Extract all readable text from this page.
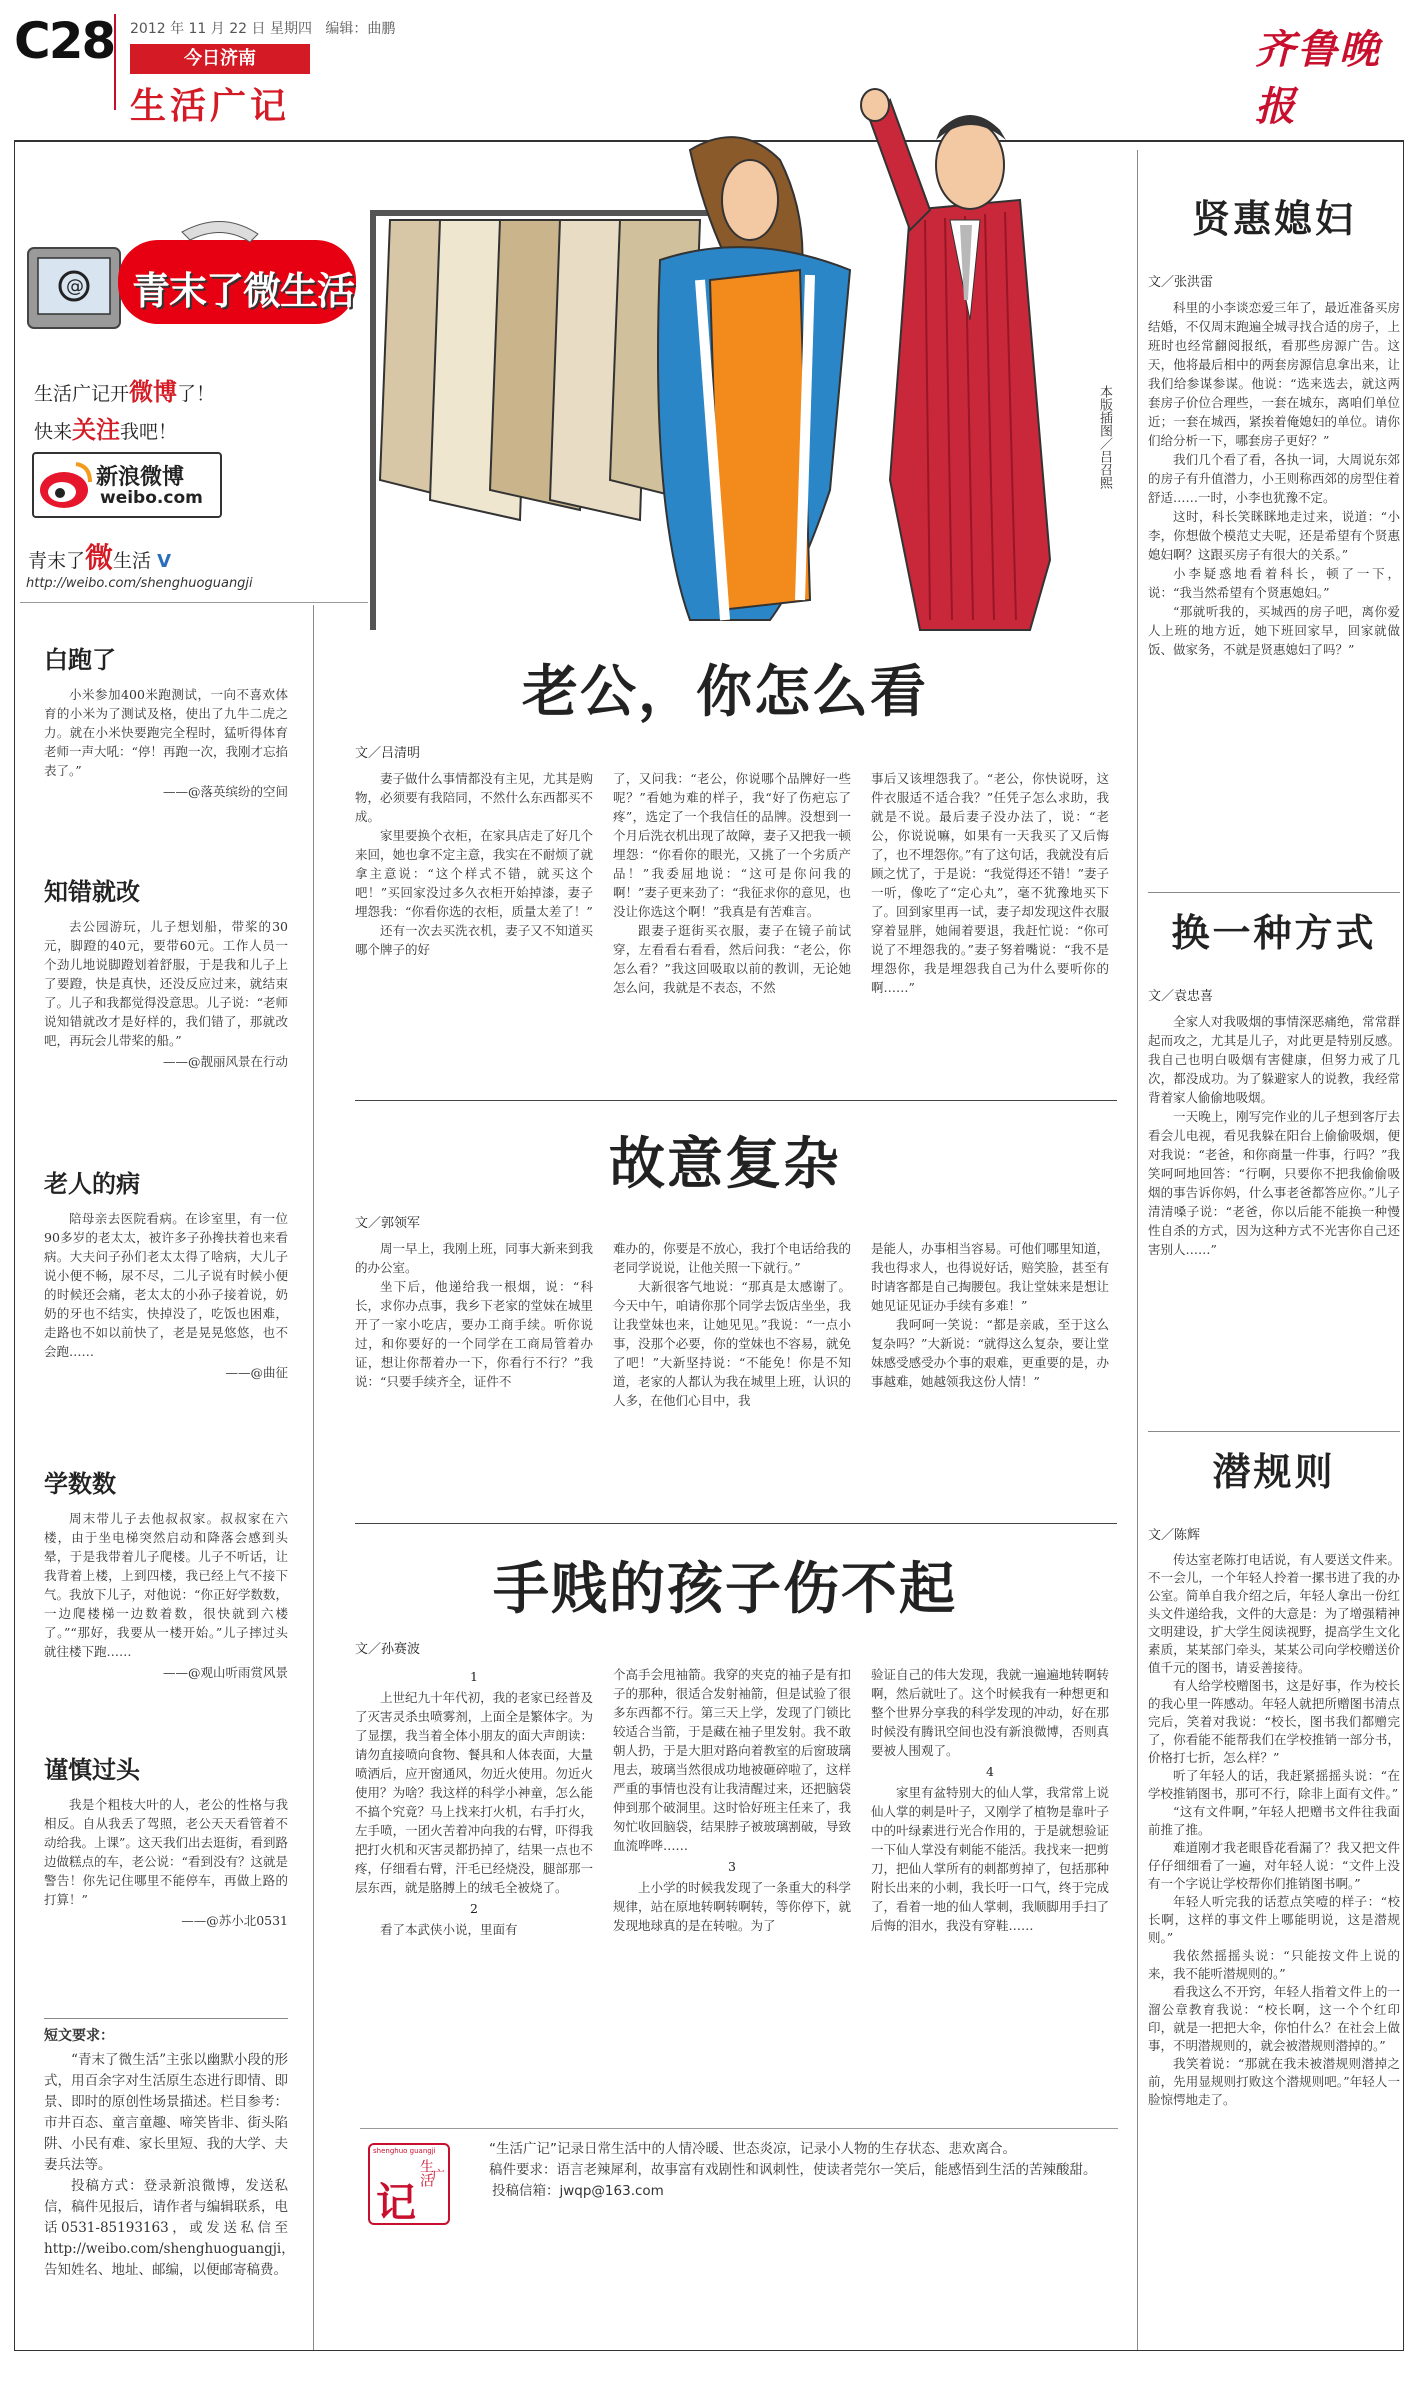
C28 2012 年 11 月 22 日 星期四 编辑：曲鹏
今日济南
生活广记
齐鲁晚报
@ 青末了微生活
生活广记开微博了！
快来关注我吧！
新浪微博
weibo.com
青末了微生活 V
http://weibo.com/shenghuoguangji
白跑了

小米参加400米跑测试，一向不喜欢体育的小米为了测试及格，使出了九牛二虎之力。就在小米快要跑完全程时，猛听得体育老师一声大吼：“停！再跑一次，我刚才忘掐表了。”

——@落英缤纷的空间

知错就改

去公园游玩，儿子想划船，带桨的30元，脚蹬的40元，要带60元。工作人员一个劲儿地说脚蹬划着舒服，于是我和儿子上了要蹬，快是真快，还没反应过来，就结束了。儿子和我都觉得没意思。儿子说：“老师说知错就改才是好样的，我们错了，那就改吧，再玩会儿带桨的船。”

——@靓丽风景在行动

老人的病

陪母亲去医院看病。在诊室里，有一位90多岁的老太太，被许多子孙搀扶着也来看病。大夫问子孙们老太太得了啥病，大儿子说小便不畅，尿不尽，二儿子说有时候小便的时候还会痛，老太太的小孙子接着说，奶奶的牙也不结实，快掉没了，吃饭也困难，走路也不如以前快了，老是晃晃悠悠，也不会跑……

——@曲征

学数数

周末带儿子去他叔叔家。叔叔家在六楼，由于坐电梯突然启动和降落会感到头晕，于是我带着儿子爬楼。儿子不听话，让我背着上楼，上到四楼，我已经上气不接下气。我放下儿子，对他说：“你正好学数数，一边爬楼梯一边数着数，很快就到六楼了。”“那好，我要从一楼开始。”儿子摔过头就往楼下跑……

——@观山听雨赏风景

谨慎过头

我是个粗枝大叶的人，老公的性格与我相反。自从我丢了驾照，老公天天看管着不动给我。上课”。这天我们出去逛街，看到路边做糕点的车，老公说：“看到没有？这就是警告！你先记住哪里不能停车，再做上路的打算！”

——@苏小北0531

短文要求：

“青末了微生活”主张以幽默小段的形式，用百余字对生活原生态进行即情、即景、即时的原创性场景描述。栏目参考：市井百态、童言童趣、啼笑皆非、街头陷阱、小民有难、家长里短、我的大学、夫妻兵法等。

投稿方式：登录新浪微博，发送私信，稿件见报后，请作者与编辑联系，电话0531-85193163，或发送私信至http://weibo.com/shenghuoguangji，告知姓名、地址、邮编，以便邮寄稿费。

本版插图／吕召熙
老公，你怎么看

文／吕清明

妻子做什么事情都没有主见，尤其是购物，必须要有我陪同，不然什么东西都买不成。

家里要换个衣柜，在家具店走了好几个来回，她也拿不定主意，我实在不耐烦了就拿主意说：“这个样式不错，就买这个吧！”买回家没过多久衣柜开始掉漆，妻子埋怨我：“你看你选的衣柜，质量太差了！”

还有一次去买洗衣机，妻子又不知道买哪个牌子的好

了，又问我：“老公，你说哪个品牌好一些呢？”看她为难的样子，我“好了伤疤忘了疼”，选定了一个我信任的品牌。没想到一个月后洗衣机出现了故障，妻子又把我一顿埋怨：“你看你的眼光，又挑了一个劣质产品！”我委屈地说：“这可是你问我的啊！”妻子更来劲了：“我征求你的意见，也没让你选这个啊！”我真是有苦难言。

跟妻子逛街买衣服，妻子在镜子前试穿，左看看右看看，然后问我：“老公，你怎么看？”我这回吸取以前的教训，无论她怎么问，我就是不表态，不然

事后又该埋怨我了。“老公，你快说呀，这件衣服适不适合我？”任凭子怎么求助，我就是不说。最后妻子没办法了，说：“老公，你说说嘛，如果有一天我买了又后悔了，也不埋怨你。”有了这句话，我就没有后顾之忧了，于是说：“我觉得还不错！”妻子一听，像吃了“定心丸”，毫不犹豫地买下了。回到家里再一试，妻子却发现这件衣服穿着显胖，她闹着要退，我赶忙说：“你可说了不埋怨我的。”妻子努着嘴说：“我不是埋怨你，我是埋怨我自己为什么要听你的啊……”

故意复杂

文／郭领军

周一早上，我刚上班，同事大新来到我的办公室。

坐下后，他递给我一根烟，说：“科长，求你办点事，我乡下老家的堂妹在城里开了一家小吃店，要办工商手续。听你说过，和你要好的一个同学在工商局管着办证，想让你帮着办一下，你看行不行？”我说：“只要手续齐全，证件不

难办的，你要是不放心，我打个电话给我的老同学说说，让他关照一下就行。”

大新很客气地说：“那真是太感谢了。今天中午，咱请你那个同学去饭店坐坐，我让我堂妹也来，让她见见。”我说：“一点小事，没那个必要，你的堂妹也不容易，就免了吧！”大新坚持说：“不能免！你是不知道，老家的人都认为我在城里上班，认识的人多，在他们心目中，我

是能人，办事相当容易。可他们哪里知道，我也得求人，也得说好话，赔笑脸，甚至有时请客都是自己掏腰包。我让堂妹来是想让她见证见证办手续有多难！”

我呵呵一笑说：“都是亲戚，至于这么复杂吗？”大新说：“就得这么复杂，要让堂妹感受感受办个事的艰难，更重要的是，办事越难，她越领我这份人情！”

手贱的孩子伤不起

文／孙赛波

1

上世纪九十年代初，我的老家已经普及了灭害灵杀虫喷雾剂，上面全是繁体字。为了显摆，我当着全体小朋友的面大声朗读：请勿直接喷向食物、餐具和人体表面，大量喷洒后，应开窗通风，勿近火使用。勿近火使用？为啥？我这样的科学小神童，怎么能不搞个究竟？马上找来打火机，右手打火，左手喷，一团火苦着冲向我的右臂，吓得我把打火机和灭害灵都扔掉了，结果一点也不疼，仔细看右臂，汗毛已经烧没，腿部那一层东西，就是胳膊上的绒毛全被烧了。

2

看了本武侠小说，里面有

个高手会甩袖箭。我穿的夹克的袖子是有扣子的那种，很适合发射袖箭，但是试验了很多东西都不行。第三天上学，发现了门锁比较适合当箭，于是藏在袖子里发射。我不敢朝人扔，于是大胆对路向着教室的后窗玻璃甩去，玻璃当然很成功地被砸碎啦了，这样严重的事情也没有让我清醒过来，还把脑袋伸到那个破洞里。这时恰好班主任来了，我匆忙收回脑袋，结果脖子被玻璃割破，导致血流哗哗……

3

上小学的时候我发现了一条重大的科学规律，站在原地转啊转啊转，等你停下，就发现地球真的是在转啦。为了

验证自己的伟大发现，我就一遍遍地转啊转啊，然后就吐了。这个时候我有一种想更和整个世界分享我的科学发现的冲动，好在那时候没有腾讯空间也没有新浪微博，否则真要被人围观了。

4

家里有盆特别大的仙人掌，我常常上说仙人掌的刺是叶子，又刚学了植物是靠叶子中的叶绿素进行光合作用的，于是就想验证一下仙人掌没有刺能不能活。我找来一把剪刀，把仙人掌所有的刺都剪掉了，包括那种附长出来的小刺，我长吁一口气，终于完成了，看着一地的仙人掌刺，我顺脚用手扫了后悔的泪水，我没有穿鞋……

shenghuo guangji
生活
记
广

“生活广记”记录日常生活中的人情冷暖、世态炎凉，记录小人物的生存状态、悲欢离合。

稿件要求：语言老辣犀利，故事富有戏剧性和讽刺性，使读者莞尔一笑后，能感悟到生活的苦辣酸甜。

投稿信箱：jwqp@163.com

贤惠媳妇

文／张洪雷

科里的小李谈恋爱三年了，最近准备买房结婚，不仅周末跑遍全城寻找合适的房子，上班时也经常翻阅报纸，看那些房源广告。这天，他将最后相中的两套房源信息拿出来，让我们给参谋参谋。他说：“选来选去，就这两套房子价位合理些，一套在城东，离咱们单位近；一套在城西，紧挨着俺媳妇的单位。请你们给分析一下，哪套房子更好？”

我们几个看了看，各执一词，大周说东郊的房子有升值潜力，小王则称西郊的房型住着舒适……一时，小李也犹豫不定。

这时，科长笑眯眯地走过来，说道：“小李，你想做个模范丈夫呢，还是希望有个贤惠媳妇啊？这跟买房子有很大的关系。”

小李疑惑地看着科长，顿了一下，说：“我当然希望有个贤惠媳妇。”

“那就听我的，买城西的房子吧，离你爱人上班的地方近，她下班回家早，回家就做饭、做家务，不就是贤惠媳妇了吗？”

换一种方式

文／袁忠喜

全家人对我吸烟的事情深恶痛绝，常常群起而攻之，尤其是儿子，对此更是特别反感。我自己也明白吸烟有害健康，但努力戒了几次，都没成功。为了躲避家人的说教，我经常背着家人偷偷地吸烟。

一天晚上，刚写完作业的儿子想到客厅去看会儿电视，看见我躲在阳台上偷偷吸烟，便对我说：“老爸，和你商量一件事，行吗？”我笑呵呵地回答：“行啊，只要你不把我偷偷吸烟的事告诉你妈，什么事老爸都答应你。”儿子清清嗓子说：“老爸，你以后能不能换一种慢性自杀的方式，因为这种方式不光害你自己还害别人……”

潜规则

文／陈辉

传达室老陈打电话说，有人要送文件来。不一会儿，一个年轻人拎着一摞书进了我的办公室。简单自我介绍之后，年轻人拿出一份红头文件递给我，文件的大意是：为了增强精神文明建设，扩大学生阅读视野，提高学生文化素质，某某部门牵头，某某公司向学校赠送价值千元的图书，请妥善接待。

有人给学校赠图书，这是好事，作为校长的我心里一阵感动。年轻人就把所赠图书清点完后，笑着对我说：“校长，图书我们都赠完了，你看能不能帮我们在学校推销一部分书，价格打七折，怎么样？”

听了年轻人的话，我赶紧摇摇头说：“在学校推销图书，那可不行，除非上面有文件。”

“这有文件啊，”年轻人把赠书文件往我面前推了推。

难道刚才我老眼昏花看漏了？我又把文件仔仔细细看了一遍，对年轻人说：“文件上没有一个字说让学校帮你们推销图书啊。”

年轻人听完我的话惹点笑噎的样子：“校长啊，这样的事文件上哪能明说，这是潜规则。”

我依然摇摇头说：“只能按文件上说的来，我不能听潜规则的。”

看我这么不开窍，年轻人指着文件上的一溜公章教育我说：“校长啊，这一个个红印印，就是一把把大伞，你怕什么？在社会上做事，不明潜规则的，就会被潜规则潜掉的。”

我笑着说：“那就在我未被潜规则潜掉之前，先用显规则打败这个潜规则吧。”年轻人一脸惊愕地走了。
